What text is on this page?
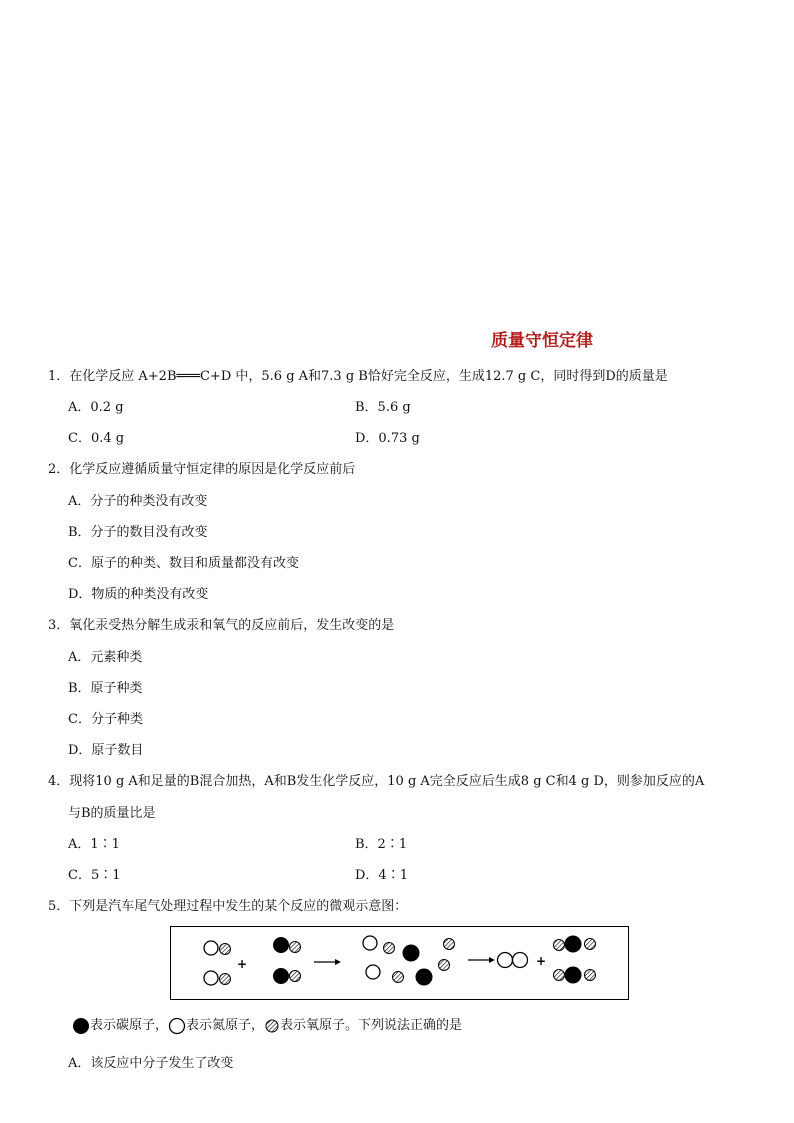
质量守恒定律
1．在化学反应 A+2B═══C+D 中，5.6 g A和7.3 g B恰好完全反应，生成12.7 g C，同时得到D的质量是
A．0.2 g	B．5.6 g
C．0.4 g	D．0.73 g
2．化学反应遵循质量守恒定律的原因是化学反应前后
A．分子的种类没有改变
B．分子的数目没有改变
C．原子的种类、数目和质量都没有改变
D．物质的种类没有改变
3．氧化汞受热分解生成汞和氧气的反应前后，发生改变的是
A．元素种类
B．原子种类
C．分子种类
D．原子数目
4．现将10 g A和足量的B混合加热，A和B发生化学反应，10 g A完全反应后生成8 g C和4 g D，则参加反应的A
与B的质量比是
A．1∶1	B．2∶1
C．5∶1	D．4∶1
5．下列是汽车尾气处理过程中发生的某个反应的微观示意图：
+	+
表示碳原子， 表示氮原子， 表示氧原子。下列说法正确的是
A．该反应中分子发生了改变
